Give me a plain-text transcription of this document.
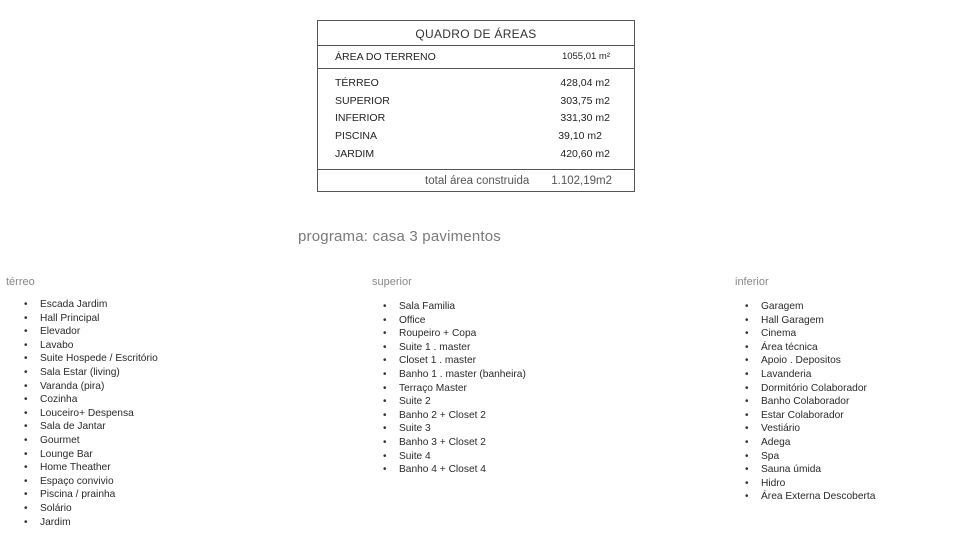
QUADRO DE ÁREAS
ÁREA DO TERRENO	1055,01 m²
TÉRREO	428,04 m2
SUPERIOR	303,75 m2
INFERIOR	331,30 m2
PISCINA	39,10 m2
JARDIM	420,60 m2
total área construida 1.102,19m2
programa: casa 3 pavimentos
térreo
• Escada Jardim
• Hall Principal
• Elevador
• Lavabo
• Suite Hospede / Escritório
• Sala Estar (living)
• Varanda (pira)
• Cozinha
• Louceiro+ Despensa
• Sala de Jantar
• Gourmet
• Lounge Bar
• Home Theather
• Espaço convivio
• Piscina / prainha
• Solário
• Jardim
superior
• Sala Familia
• Office
• Roupeiro + Copa
• Suite 1 . master
• Closet 1 . master
• Banho 1 . master (banheira)
• Terraço Master
• Suite 2
• Banho 2 + Closet 2
• Suite 3
• Banho 3 + Closet 2
• Suite 4
• Banho 4 + Closet 4
inferior
• Garagem
• Hall Garagem
• Cinema
• Área técnica
• Apoio . Depositos
• Lavanderia
• Dormitório Colaborador
• Banho Colaborador
• Estar Colaborador
• Vestiário
• Adega
• Spa
• Sauna úmida
• Hidro
• Área Externa Descoberta
